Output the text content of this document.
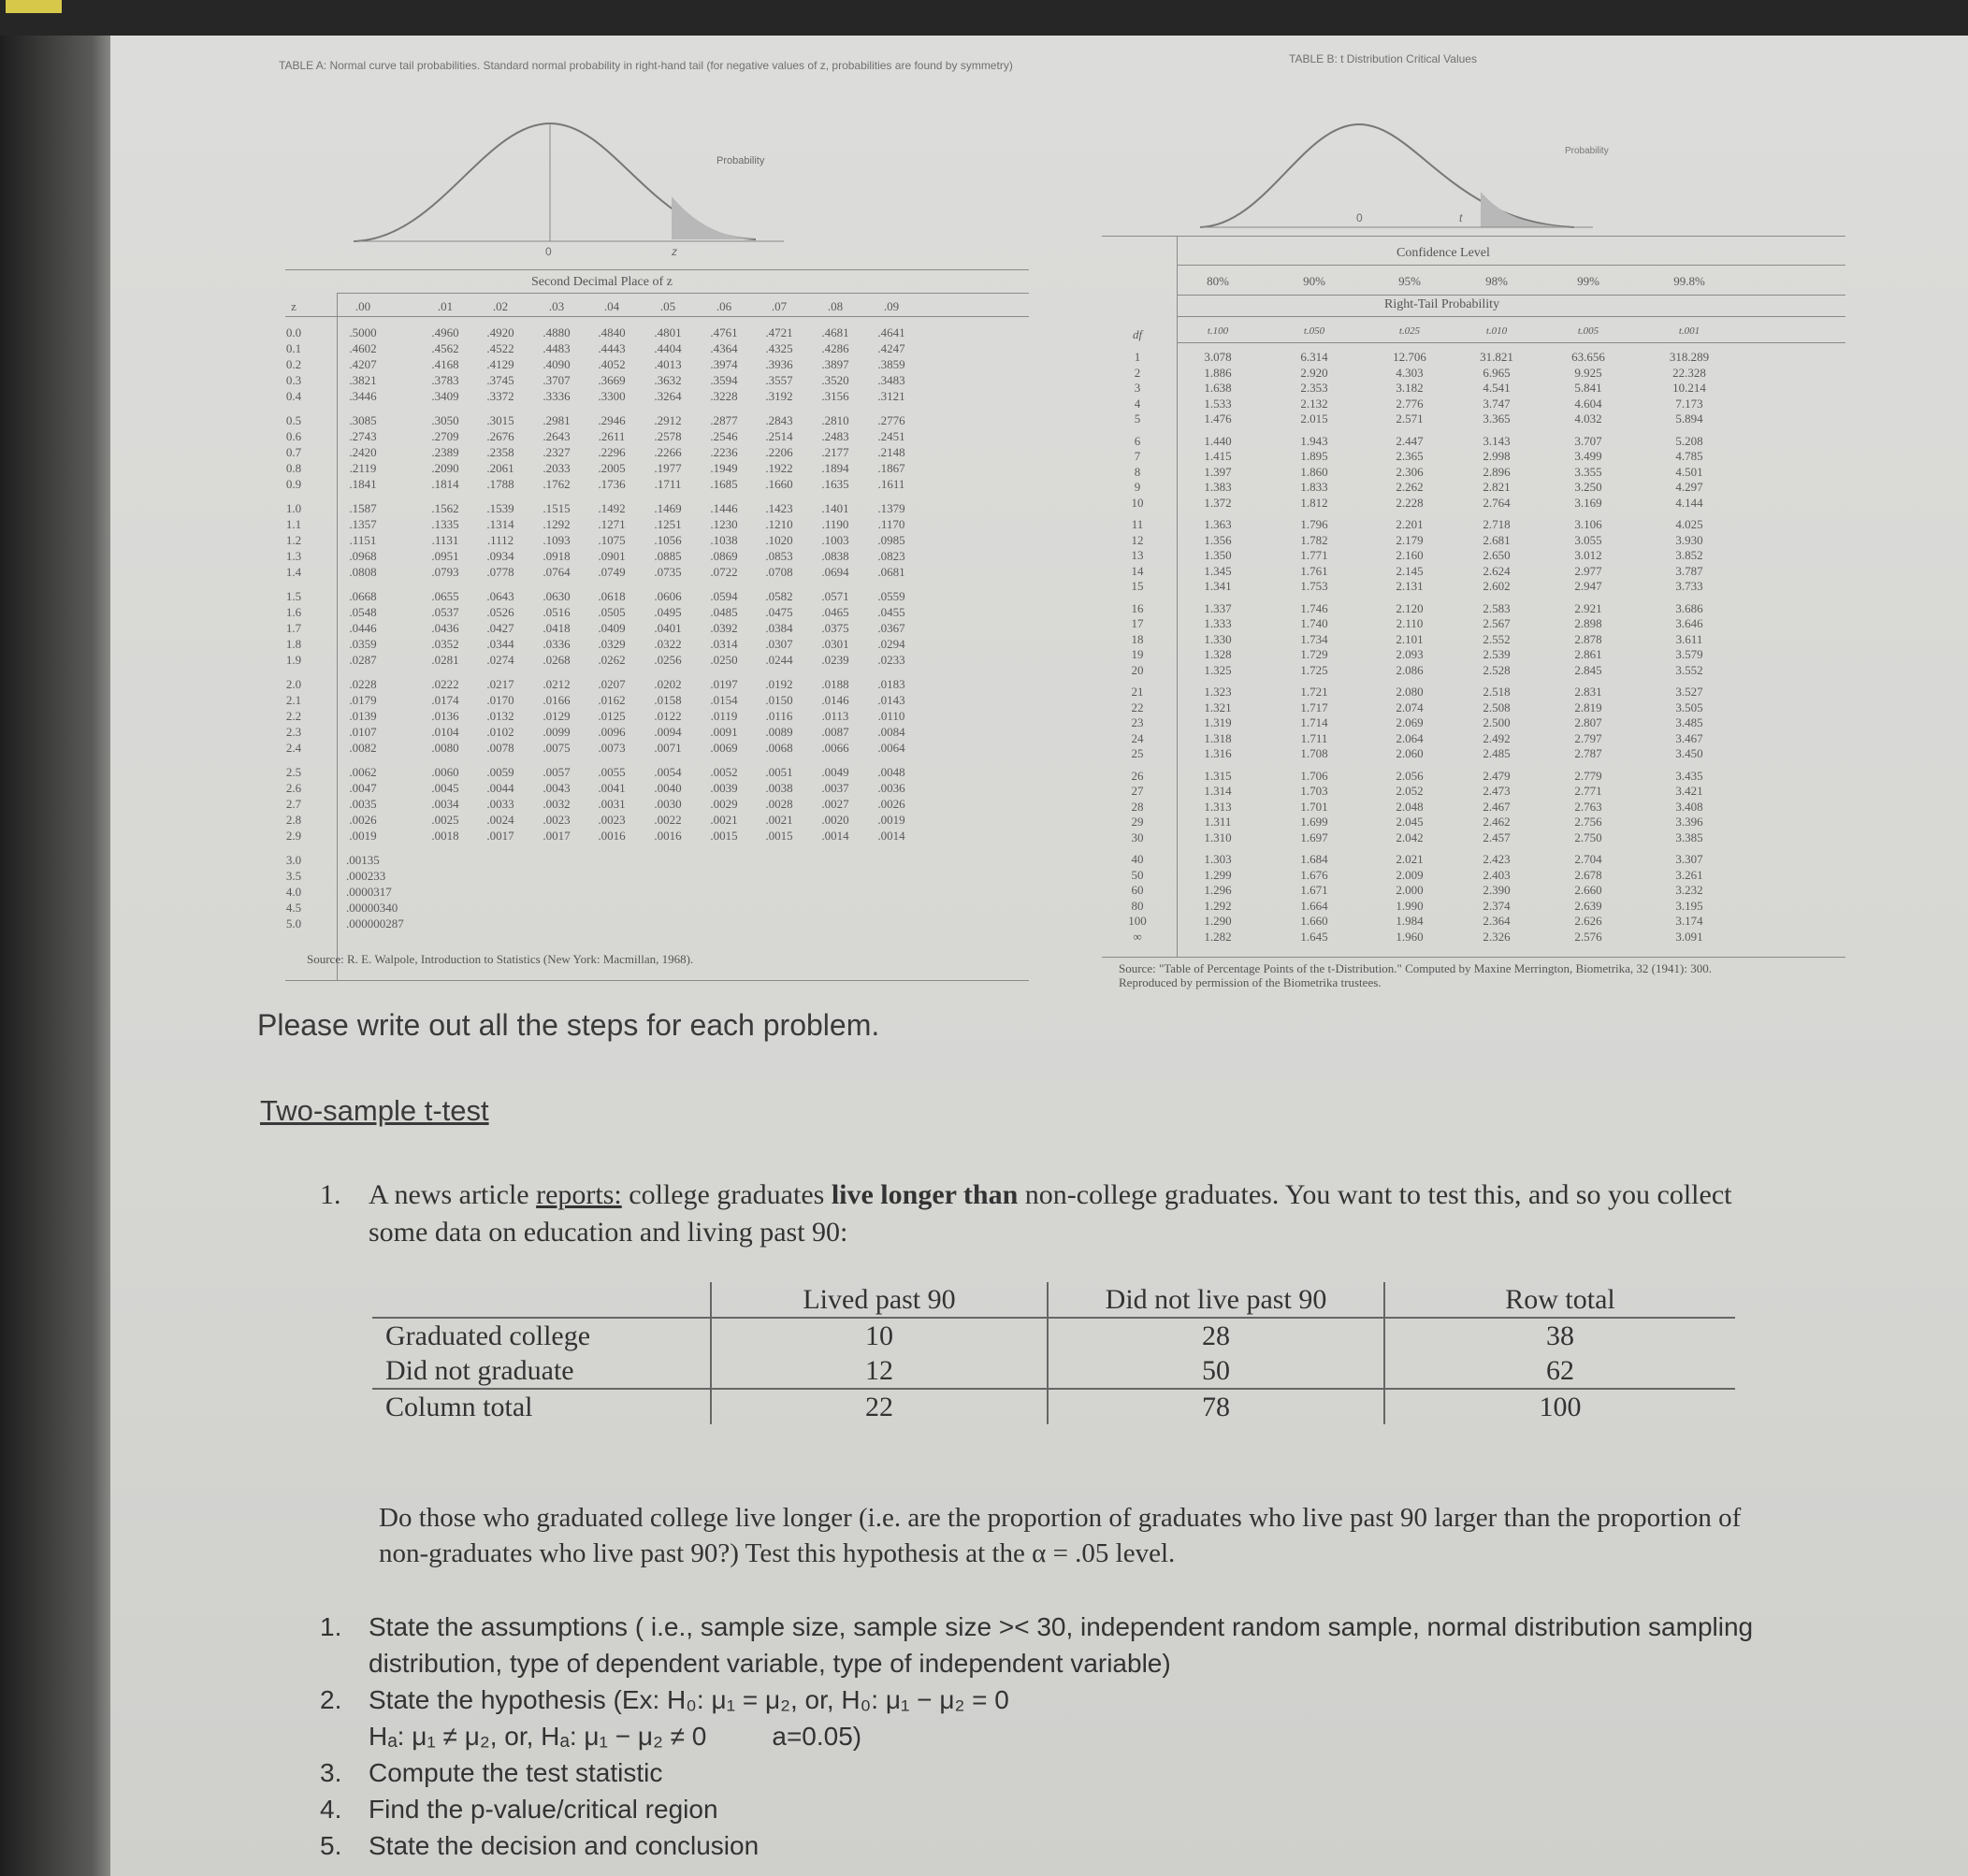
TABLE A: Normal curve tail probabilities. Standard normal probability in right-hand tail (for negative values of z, probabilities are found by symmetry)
Probability
0	z
Second Decimal Place of z
z	.00	.01	.02	.03	.04	.05	.06	.07	.08	.09
0.0	.5000	.4960 .4920 .4880 .4840 .4801 .4761 .4721 .4681 .4641
0.1	.4602	.4562 .4522 .4483 .4443 .4404 .4364 .4325 .4286 .4247
0.2	.4207	.4168 .4129 .4090 .4052 .4013 .3974 .3936 .3897 .3859
0.3	.3821	.3783 .3745 .3707 .3669 .3632 .3594 .3557 .3520 .3483
0.4	.3446	.3409 .3372 .3336 .3300 .3264 .3228 .3192 .3156 .3121
0.5	.3085	.3050 .3015 .2981 .2946 .2912 .2877 .2843 .2810 .2776
0.6	.2743	.2709 .2676 .2643 .2611 .2578 .2546 .2514 .2483 .2451
0.7	.2420	.2389 .2358 .2327 .2296 .2266 .2236 .2206 .2177 .2148
0.8	.2119	.2090 .2061 .2033 .2005 .1977 .1949 .1922 .1894 .1867
0.9	.1841	.1814 .1788 .1762 .1736 .1711 .1685 .1660 .1635 .1611
1.0	.1587	.1562 .1539 .1515 .1492 .1469 .1446 .1423 .1401 .1379
1.1	.1357	.1335 .1314 .1292 .1271 .1251 .1230 .1210 .1190 .1170
1.2	.1151	.1131 .1112 .1093 .1075 .1056 .1038 .1020 .1003 .0985
1.3	.0968	.0951 .0934 .0918 .0901 .0885 .0869 .0853 .0838 .0823
1.4	.0808	.0793 .0778 .0764 .0749 .0735 .0722 .0708 .0694 .0681
1.5	.0668	.0655 .0643 .0630 .0618 .0606 .0594 .0582 .0571 .0559
1.6	.0548	.0537 .0526 .0516 .0505 .0495 .0485 .0475 .0465 .0455
1.7	.0446	.0436 .0427 .0418 .0409 .0401 .0392 .0384 .0375 .0367
1.8	.0359	.0352 .0344 .0336 .0329 .0322 .0314 .0307 .0301 .0294
1.9	.0287	.0281 .0274 .0268 .0262 .0256 .0250 .0244 .0239 .0233
2.0	.0228	.0222 .0217 .0212 .0207 .0202 .0197 .0192 .0188 .0183
2.1	.0179	.0174 .0170 .0166 .0162 .0158 .0154 .0150 .0146 .0143
2.2	.0139	.0136 .0132 .0129 .0125 .0122 .0119 .0116 .0113 .0110
2.3	.0107	.0104 .0102 .0099 .0096 .0094 .0091 .0089 .0087 .0084
2.4	.0082	.0080 .0078 .0075 .0073 .0071 .0069 .0068 .0066 .0064
2.5	.0062	.0060 .0059 .0057 .0055 .0054 .0052 .0051 .0049 .0048
2.6	.0047	.0045 .0044 .0043 .0041 .0040 .0039 .0038 .0037 .0036
2.7	.0035	.0034 .0033 .0032 .0031 .0030 .0029 .0028 .0027 .0026
2.8	.0026	.0025 .0024 .0023 .0023 .0022 .0021 .0021 .0020 .0019
2.9	.0019	.0018 .0017 .0017 .0016 .0016 .0015 .0015 .0014 .0014
3.0	.00135
3.5	.000233
4.0	.0000317
4.5	.00000340
5.0	.000000287
Source: R. E. Walpole, Introduction to Statistics (New York: Macmillan, 1968).
TABLE B: t Distribution Critical Values
Probability
0	t
Confidence Level
80%	90%	95%	98%	99%	99.8%
Right-Tail Probability
df	t.100	t.050	t.025	t.010	t.005	t.001
1	3.078	6.314	12.706	31.821	63.656	318.289
2	1.886	2.920	4.303	6.965	9.925	22.328
3	1.638	2.353	3.182	4.541	5.841	10.214
4	1.533	2.132	2.776	3.747	4.604	7.173
5	1.476	2.015	2.571	3.365	4.032	5.894
6	1.440	1.943	2.447	3.143	3.707	5.208
7	1.415	1.895	2.365	2.998	3.499	4.785
8	1.397	1.860	2.306	2.896	3.355	4.501
9	1.383	1.833	2.262	2.821	3.250	4.297
10	1.372	1.812	2.228	2.764	3.169	4.144
11	1.363	1.796	2.201	2.718	3.106	4.025
12	1.356	1.782	2.179	2.681	3.055	3.930
13	1.350	1.771	2.160	2.650	3.012	3.852
14	1.345	1.761	2.145	2.624	2.977	3.787
15	1.341	1.753	2.131	2.602	2.947	3.733
16	1.337	1.746	2.120	2.583	2.921	3.686
17	1.333	1.740	2.110	2.567	2.898	3.646
18	1.330	1.734	2.101	2.552	2.878	3.611
19	1.328	1.729	2.093	2.539	2.861	3.579
20	1.325	1.725	2.086	2.528	2.845	3.552
21	1.323	1.721	2.080	2.518	2.831	3.527
22	1.321	1.717	2.074	2.508	2.819	3.505
23	1.319	1.714	2.069	2.500	2.807	3.485
24	1.318	1.711	2.064	2.492	2.797	3.467
25	1.316	1.708	2.060	2.485	2.787	3.450
26	1.315	1.706	2.056	2.479	2.779	3.435
27	1.314	1.703	2.052	2.473	2.771	3.421
28	1.313	1.701	2.048	2.467	2.763	3.408
29	1.311	1.699	2.045	2.462	2.756	3.396
30	1.310	1.697	2.042	2.457	2.750	3.385
40	1.303	1.684	2.021	2.423	2.704	3.307
50	1.299	1.676	2.009	2.403	2.678	3.261
60	1.296	1.671	2.000	2.390	2.660	3.232
80	1.292	1.664	1.990	2.374	2.639	3.195
100	1.290	1.660	1.984	2.364	2.626	3.174
∞	1.282	1.645	1.960	2.326	2.576	3.091
Source: "Table of Percentage Points of the t-Distribution." Computed by Maxine Merrington, Biometrika, 32 (1941): 300. Reproduced by permission of the Biometrika trustees.
Please write out all the steps for each problem.
Two-sample t-test
1. A news article reports: college graduates live longer than non-college graduates. You want to test this, and so you collect some data on education and living past 90:
	Lived past 90	Did not live past 90	Row total
Graduated college	10	28	38
Did not graduate	12	50	62
Column total	22	78	100
Do those who graduated college live longer (i.e. are the proportion of graduates who live past 90 larger than the proportion of non-graduates who live past 90?) Test this hypothesis at the α = .05 level.
1.	State the assumptions ( i.e., sample size, sample size >< 30, independent random sample, normal distribution sampling distribution, type of dependent variable, type of independent variable)
2.	State the hypothesis (Ex: H₀: μ₁ = μ₂, or, H₀: μ₁ − μ₂ = 0
Hₐ: μ₁ ≠ μ₂, or, Hₐ: μ₁ − μ₂ ≠ 0	a=0.05)
3.	Compute the test statistic
4.	Find the p-value/critical region
5.	State the decision and conclusion
